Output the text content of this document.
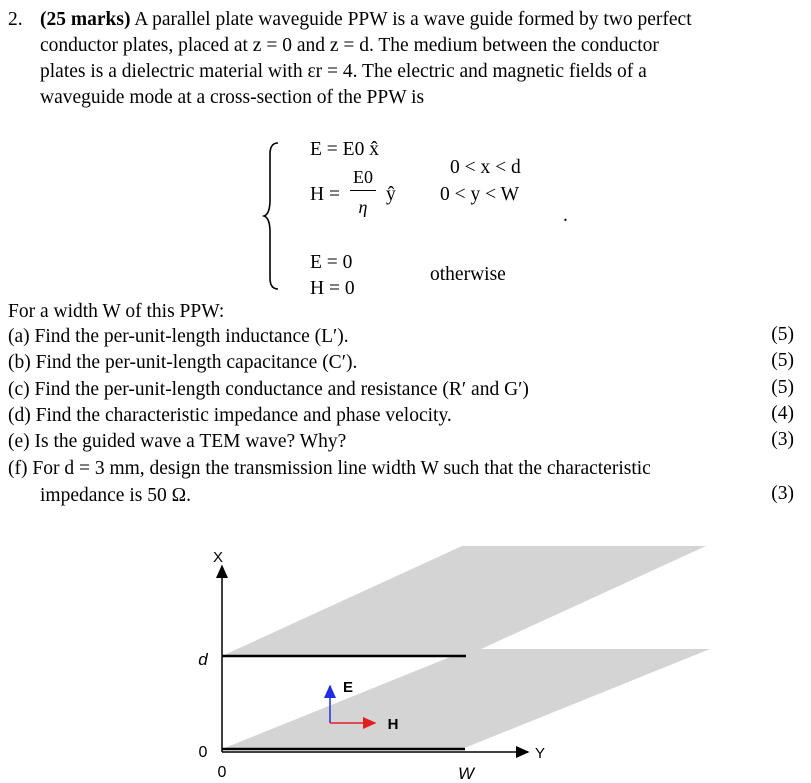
2. (25 marks) A parallel plate waveguide PPW is a wave guide formed by two perfect
conductor plates, placed at z = 0 and z = d. The medium between the conductor
plates is a dielectric material with εr = 4. The electric and magnetic fields of a
waveguide mode at a cross-section of the PPW is
E = E0 x̂
H =
E0
η
ŷ
0 < x < d
0 < y < W
.
E = 0
H = 0
otherwise
For a width W of this PPW:
(a) Find the per-unit-length inductance (L′).	(5)
(b) Find the per-unit-length capacitance (C′).	(5)
(c) Find the per-unit-length conductance and resistance (R′ and G′)	(5)
(d) Find the characteristic impedance and phase velocity.	(4)
(e) Is the guided wave a TEM wave? Why?	(3)
(f) For d = 3 mm, design the transmission line width W such that the characteristic
impedance is 50 Ω.	(3)
X
Y
d
0
0	W
E
H
